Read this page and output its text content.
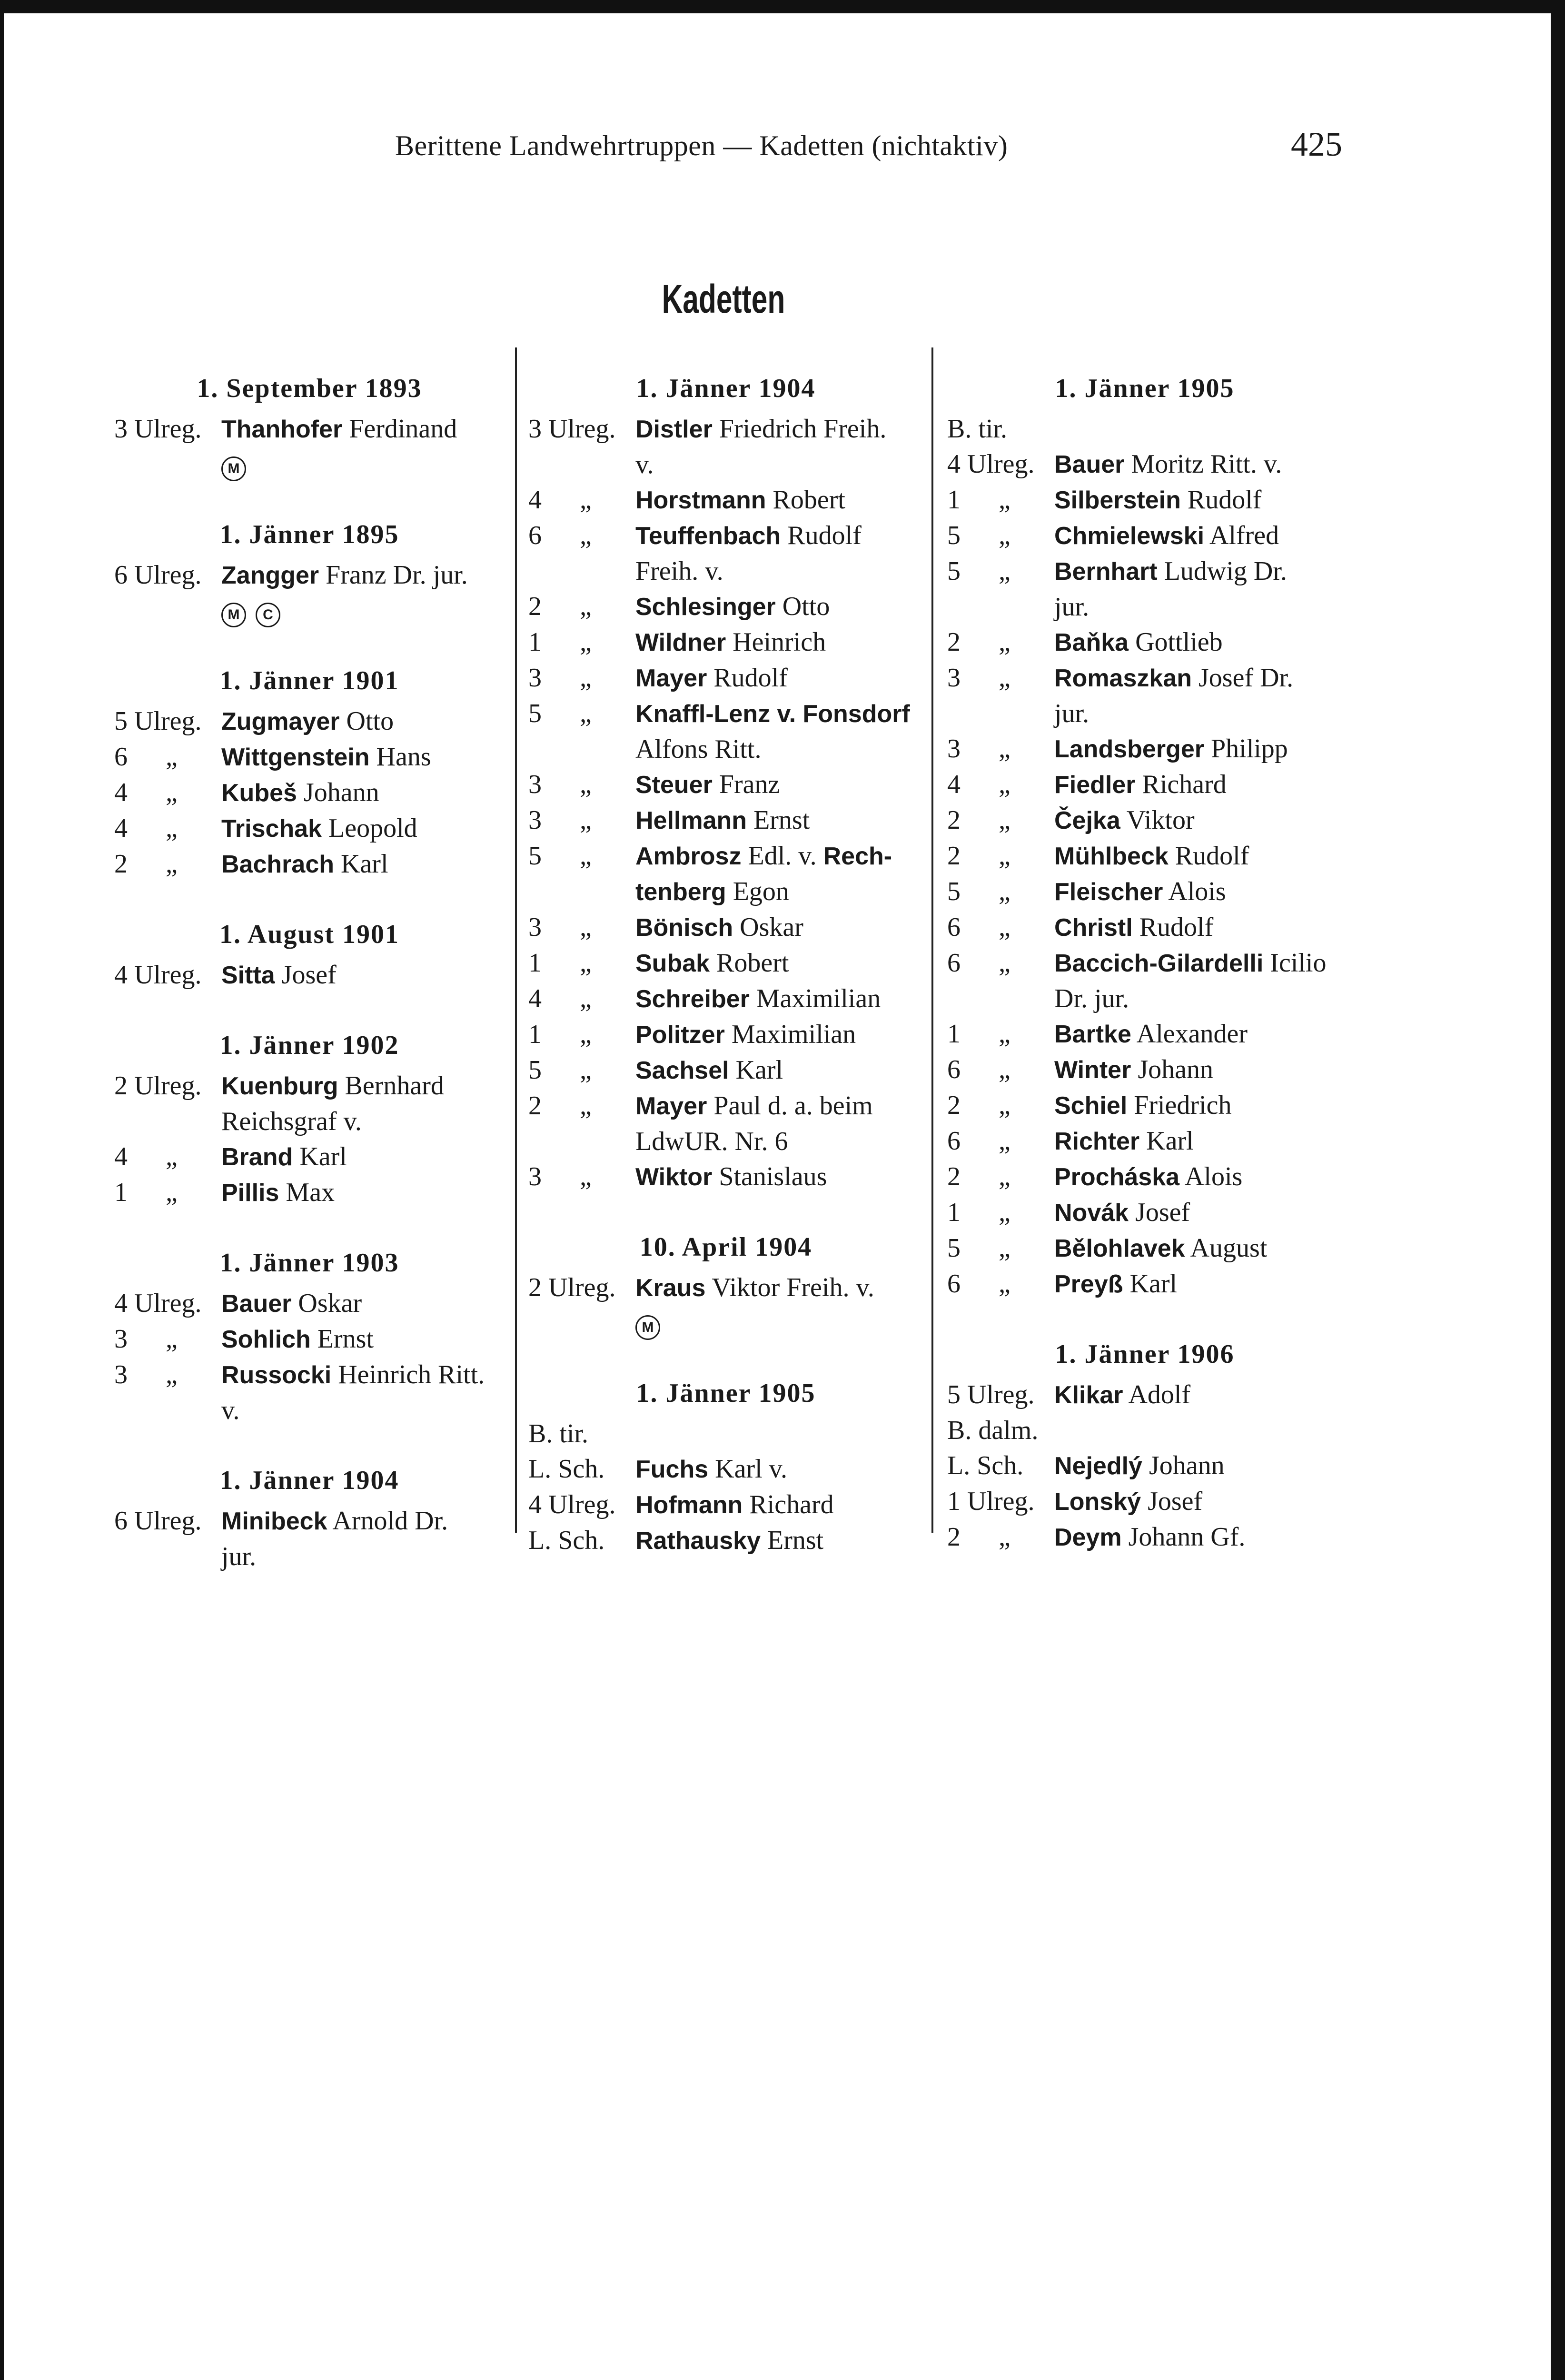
Berittene Landwehrtruppen — Kadetten (nichtaktiv)	425
Kadetten
1. September 1893
3 Ulreg. Thanhofer Ferdinand
M
1. Jänner 1895
6 Ulreg. Zangger Franz Dr. jur.
M C
1. Jänner 1901
5 Ulreg. Zugmayer Otto
6 „	Wittgenstein Hans
4 „	Kubeš Johann
4 „	Trischak Leopold
2 „	Bachrach Karl
1. August 1901
4 Ulreg. Sitta Josef
1. Jänner 1902
2 Ulreg. Kuenburg Bernhard
Reichsgraf v.
4 „	Brand Karl
1 „	Pillis Max
1. Jänner 1903
4 Ulreg. Bauer Oskar
3 „	Sohlich Ernst
3 „	Russocki Heinrich Ritt.
v.
1. Jänner 1904
6 Ulreg. Minibeck Arnold Dr.
jur.
1. Jänner 1904
3 Ulreg. Distler Friedrich Freih.
v.
4 „	Horstmann Robert
6 „	Teuffenbach Rudolf
Freih. v.
2 „	Schlesinger Otto
1 „	Wildner Heinrich
3 „	Mayer Rudolf
5 „	Knaffl-Lenz v. Fonsdorf
Alfons Ritt.
3 „	Steuer Franz
3 „	Hellmann Ernst
5 „	Ambrosz Edl. v. Rech-
tenberg Egon
3 „	Bönisch Oskar
1 „	Subak Robert
4 „	Schreiber Maximilian
1 „	Politzer Maximilian
5 „	Sachsel Karl
2 „	Mayer Paul d. a. beim
LdwUR. Nr. 6
3 „	Wiktor Stanislaus
10. April 1904
2 Ulreg. Kraus Viktor Freih. v.
M
1. Jänner 1905
B. tir.
L. Sch.	Fuchs Karl v.
4 Ulreg. Hofmann Richard
L. Sch.	Rathausky Ernst
1. Jänner 1905
B. tir.
4 Ulreg. Bauer Moritz Ritt. v.
1 „	Silberstein Rudolf
5 „	Chmielewski Alfred
5 „	Bernhart Ludwig Dr.
jur.
2 „	Baňka Gottlieb
3 „	Romaszkan Josef Dr.
jur.
3 „	Landsberger Philipp
4 „	Fiedler Richard
2 „	Čejka Viktor
2 „	Mühlbeck Rudolf
5 „	Fleischer Alois
6 „	Christl Rudolf
6 „	Baccich-Gilardelli Icilio
Dr. jur.
1 „	Bartke Alexander
6 „	Winter Johann
2 „	Schiel Friedrich
6 „	Richter Karl
2 „	Procháska Alois
1 „	Novák Josef
5 „	Bělohlavek August
6 „	Preyß Karl
1. Jänner 1906
5 Ulreg. Klikar Adolf
B. dalm.
L. Sch.	Nejedlý Johann
1 Ulreg. Lonský Josef
2 „	Deym Johann Gf.
